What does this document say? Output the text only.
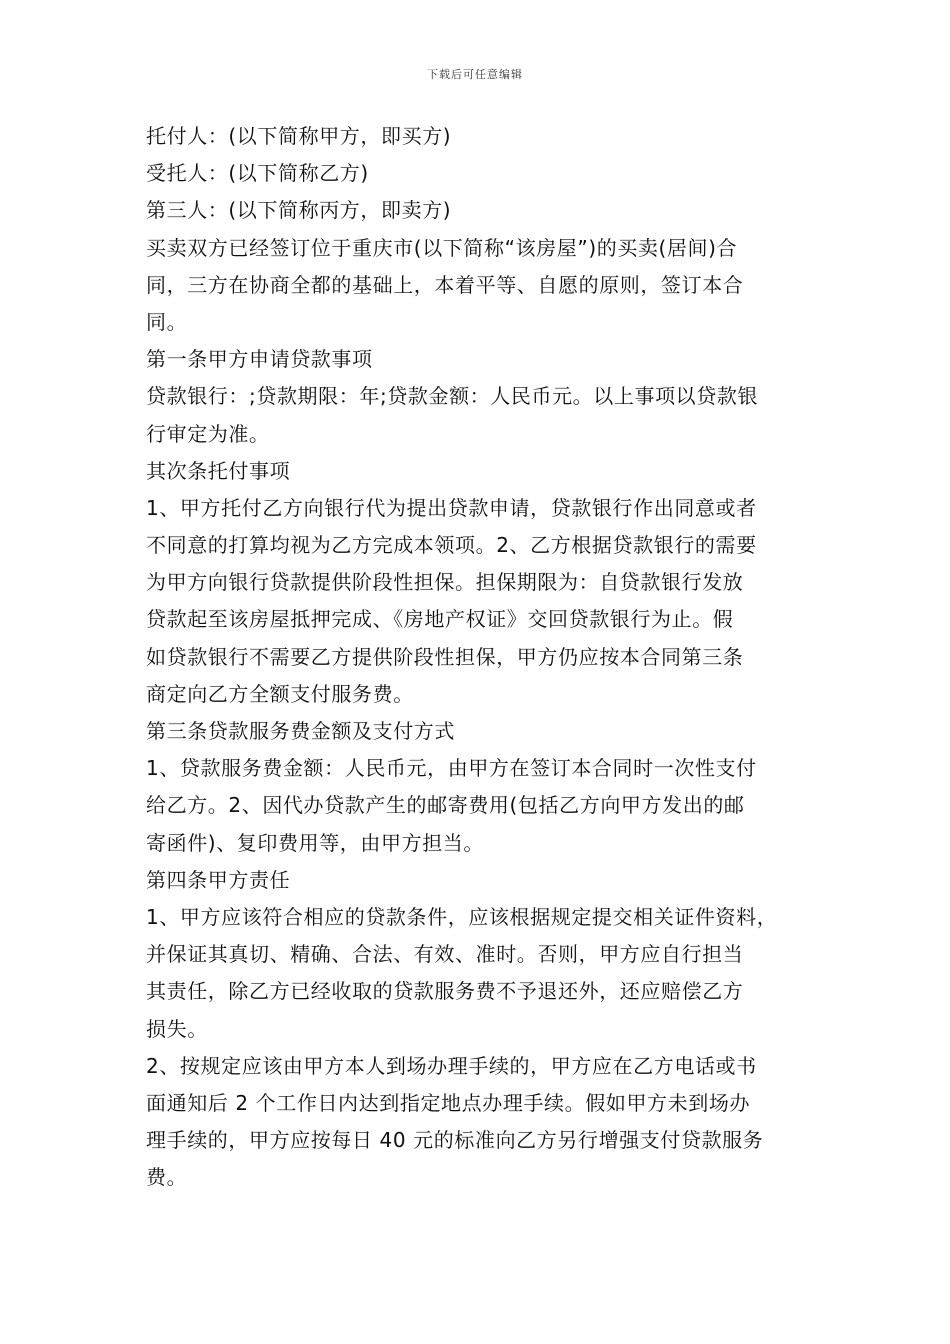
下载后可任意编辑
托付人：(以下简称甲方，即买方)
受托人：(以下简称乙方)
第三人：(以下简称丙方，即卖方)
买卖双方已经签订位于重庆市(以下简称“该房屋”)的买卖(居间)合
同，三方在协商全都的基础上，本着平等、自愿的原则，签订本合
同。
第一条甲方申请贷款事项
贷款银行：;贷款期限：年;贷款金额：人民币元。以上事项以贷款银
行审定为准。
其次条托付事项
1、甲方托付乙方向银行代为提出贷款申请，贷款银行作出同意或者
不同意的打算均视为乙方完成本领项。2、乙方根据贷款银行的需要
为甲方向银行贷款提供阶段性担保。担保期限为：自贷款银行发放
贷款起至该房屋抵押完成、《房地产权证》交回贷款银行为止。假
如贷款银行不需要乙方提供阶段性担保，甲方仍应按本合同第三条
商定向乙方全额支付服务费。
第三条贷款服务费金额及支付方式
1、贷款服务费金额：人民币元，由甲方在签订本合同时一次性支付
给乙方。2、因代办贷款产生的邮寄费用(包括乙方向甲方发出的邮
寄函件)、复印费用等，由甲方担当。
第四条甲方责任
1、甲方应该符合相应的贷款条件，应该根据规定提交相关证件资料，
并保证其真切、精确、合法、有效、准时。否则，甲方应自行担当
其责任，除乙方已经收取的贷款服务费不予退还外，还应赔偿乙方
损失。
2、按规定应该由甲方本人到场办理手续的，甲方应在乙方电话或书
面通知后 2 个工作日内达到指定地点办理手续。假如甲方未到场办
理手续的，甲方应按每日 40 元的标准向乙方另行增强支付贷款服务
费。
